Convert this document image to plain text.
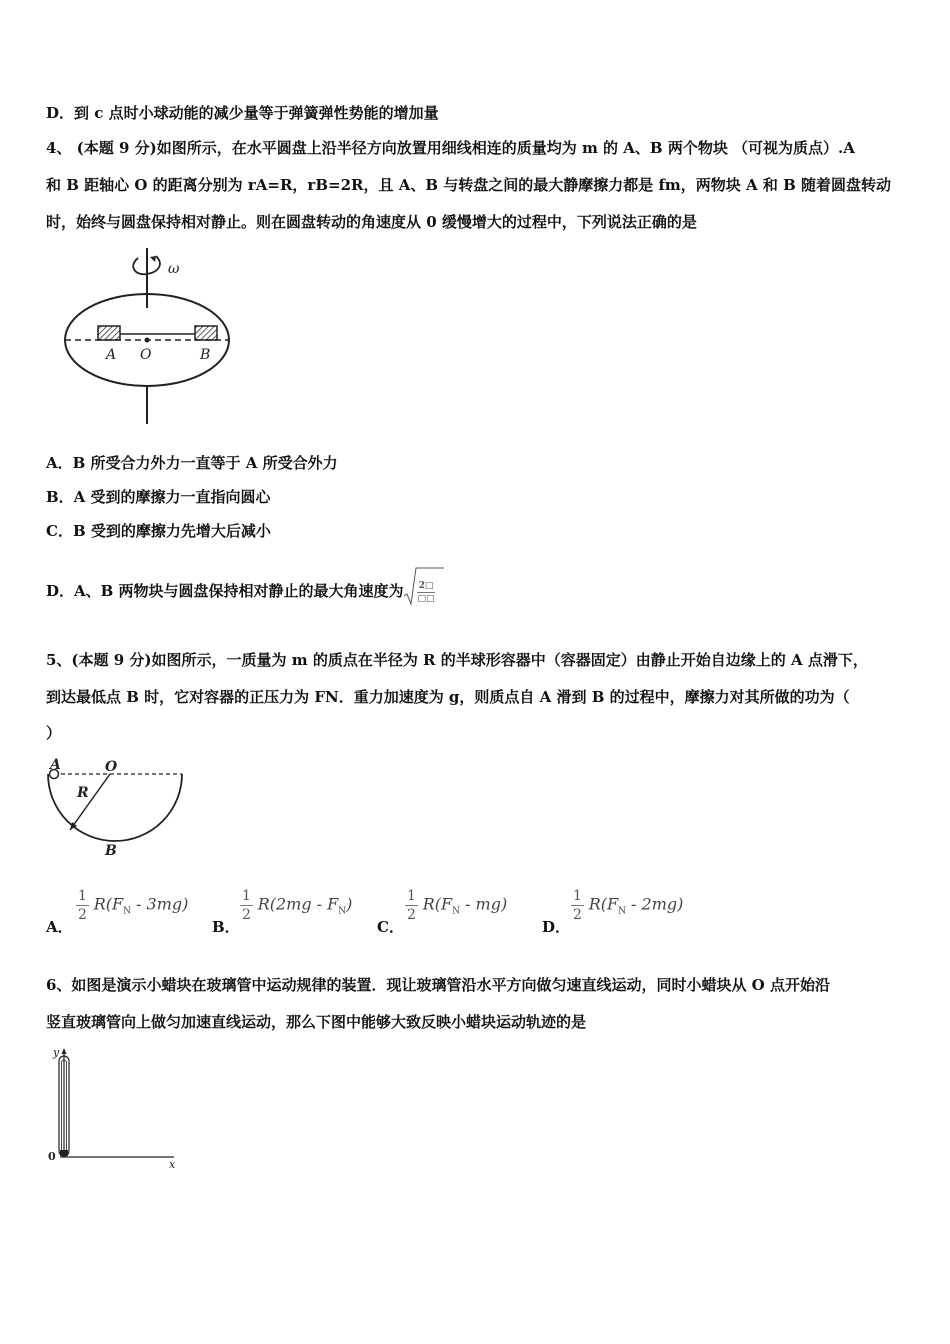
D．到 c 点时小球动能的减少量等于弹簧弹性势能的增加量
4、 (本题 9 分)如图所示，在水平圆盘上沿半径方向放置用细线相连的质量均为 m 的 A、B 两个物块 （可视为质点）.A
和 B 距轴心 O 的距离分别为 rA=R，rB=2R，且 A、B 与转盘之间的最大静摩擦力都是 fm，两物块 A 和 B 随着圆盘转动
时，始终与圆盘保持相对静止。则在圆盘转动的角速度从 0 缓慢增大的过程中，下列说法正确的是
ω
A O	B
A．B 所受合力外力一直等于 A 所受合外力
B．A 受到的摩擦力一直指向圆心
C．B 受到的摩擦力先增大后减小
D．A、B 两物块与圆盘保持相对静止的最大角速度为 $\frac{2□}{□□}$
5、(本题 9 分)如图所示，一质量为 m 的质点在半径为 R 的半球形容器中（容器固定）由静止开始自边缘上的 A 点滑下，
到达最低点 B 时，它对容器的正压力为 FN．重力加速度为 g，则质点自 A 滑到 B 的过程中，摩擦力对其所做的功为（
）
A	O
R
B
A．
$\frac{1}{2} R(F_N - 3mg)$
B．
$\frac{1}{2} R(2mg - F_N)$
C．
$\frac{1}{2} R(F_N - mg)$
D．
$\frac{1}{2} R(F_N - 2mg)$
6、如图是演示小蜡块在玻璃管中运动规律的装置．现让玻璃管沿水平方向做匀速直线运动，同时小蜡块从 O 点开始沿
竖直玻璃管向上做匀加速直线运动，那么下图中能够大致反映小蜡块运动轨迹的是
y
x
0
